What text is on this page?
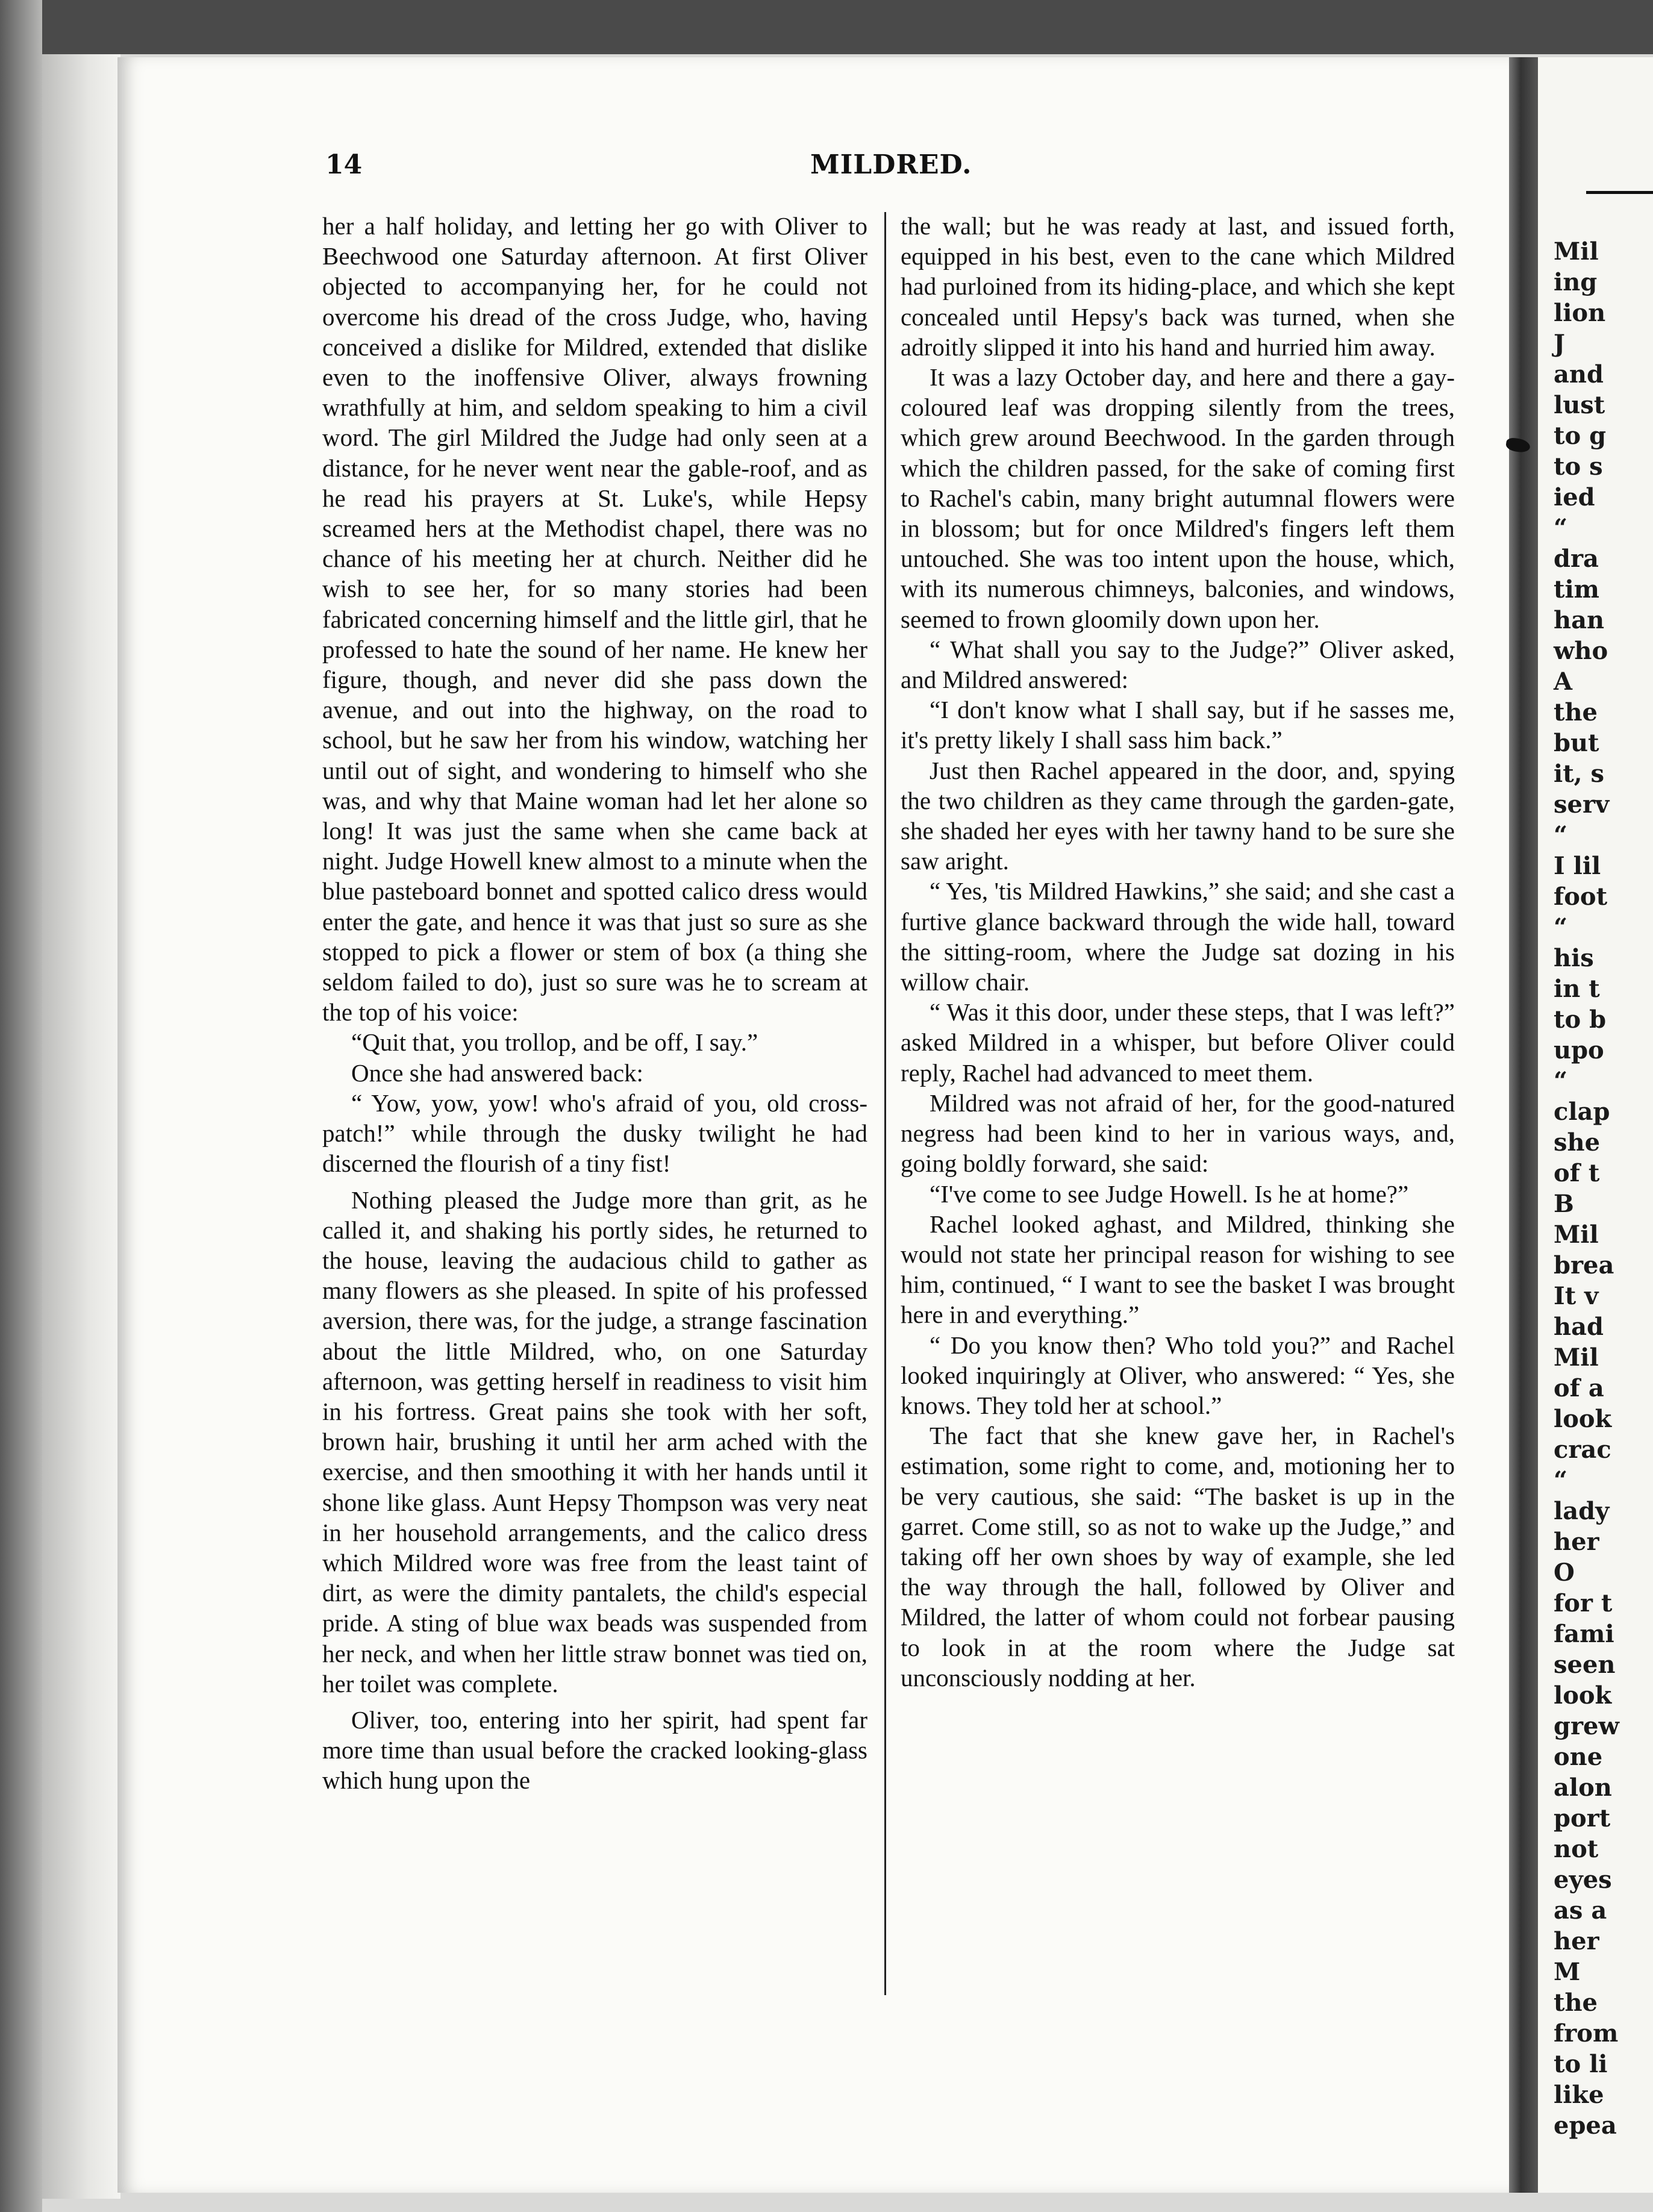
14	MILDRED.

her a half holiday, and letting her go with Oliver to Beechwood one Saturday afternoon. At first Oliver objected to accompanying her, for he could not overcome his dread of the cross Judge, who, having conceived a dislike for Mildred, extended that dislike even to the inoffensive Oliver, always frowning wrathfully at him, and seldom speaking to him a civil word. The girl Mildred the Judge had only seen at a distance, for he never went near the gable-roof, and as he read his prayers at St. Luke's, while Hepsy screamed hers at the Methodist chapel, there was no chance of his meeting her at church. Neither did he wish to see her, for so many stories had been fabricated concerning himself and the little girl, that he professed to hate the sound of her name. He knew her figure, though, and never did she pass down the avenue, and out into the highway, on the road to school, but he saw her from his window, watching her until out of sight, and wondering to himself who she was, and why that Maine woman had let her alone so long! It was just the same when she came back at night. Judge Howell knew almost to a minute when the blue pasteboard bonnet and spotted calico dress would enter the gate, and hence it was that just so sure as she stopped to pick a flower or stem of box (a thing she seldom failed to do), just so sure was he to scream at the top of his voice:

“Quit that, you trollop, and be off, I say.”

Once she had answered back:

“ Yow, yow, yow! who's afraid of you, old cross-patch!” while through the dusky twilight he had discerned the flourish of a tiny fist!

Nothing pleased the Judge more than grit, as he called it, and shaking his portly sides, he returned to the house, leaving the audacious child to gather as many flowers as she pleased. In spite of his professed aversion, there was, for the judge, a strange fascination about the little Mildred, who, on one Saturday afternoon, was getting herself in readiness to visit him in his fortress. Great pains she took with her soft, brown hair, brushing it until her arm ached with the exercise, and then smoothing it with her hands until it shone like glass. Aunt Hepsy Thompson was very neat in her household arrangements, and the calico dress which Mildred wore was free from the least taint of dirt, as were the dimity pantalets, the child's especial pride. A sting of blue wax beads was suspended from her neck, and when her little straw bonnet was tied on, her toilet was complete.

Oliver, too, entering into her spirit, had spent far more time than usual before the cracked looking-glass which hung upon the

the wall; but he was ready at last, and issued forth, equipped in his best, even to the cane which Mildred had purloined from its hiding-place, and which she kept concealed until Hepsy's back was turned, when she adroitly slipped it into his hand and hurried him away.

It was a lazy October day, and here and there a gay-coloured leaf was dropping silently from the trees, which grew around Beechwood. In the garden through which the children passed, for the sake of coming first to Rachel's cabin, many bright autumnal flowers were in blossom; but for once Mildred's fingers left them untouched. She was too intent upon the house, which, with its numerous chimneys, balconies, and windows, seemed to frown gloomily down upon her.

“ What shall you say to the Judge?” Oliver asked, and Mildred answered:

“I don't know what I shall say, but if he sasses me, it's pretty likely I shall sass him back.”

Just then Rachel appeared in the door, and, spying the two children as they came through the garden-gate, she shaded her eyes with her tawny hand to be sure she saw aright.

“ Yes, 'tis Mildred Hawkins,” she said; and she cast a furtive glance backward through the wide hall, toward the sitting-room, where the Judge sat dozing in his willow chair.

“ Was it this door, under these steps, that I was left?” asked Mildred in a whisper, but before Oliver could reply, Rachel had advanced to meet them.

Mildred was not afraid of her, for the good-natured negress had been kind to her in various ways, and, going boldly forward, she said:

“I've come to see Judge Howell. Is he at home?”

Rachel looked aghast, and Mildred, thinking she would not state her principal reason for wishing to see him, continued, “ I want to see the basket I was brought here in and everything.”

“ Do you know then? Who told you?” and Rachel looked inquiringly at Oliver, who answered: “ Yes, she knows. They told her at school.”

The fact that she knew gave her, in Rachel's estimation, some right to come, and, motioning her to be very cautious, she said: “The basket is up in the garret. Come still, so as not to wake up the Judge,” and taking off her own shoes by way of example, she led the way through the hall, followed by Oliver and Mildred, the latter of whom could not forbear pausing to look in at the room where the Judge sat unconsciously nodding at her.

Mil
ing
lion
J
and
lust
to g
to s
ied
“
dra
tim
han
who
A
the
but
it, s
serv
“
I lil
foot
“
his
in t
to b
upo
“
clap
she
of t
B
Mil
brea
It v
had
Mil
of a
look
crac
“
lady
her
O
for t
fami
seen
look
grew
one
alon
port
not
eyes
as a
her
M
the
from
to li
like
epea
